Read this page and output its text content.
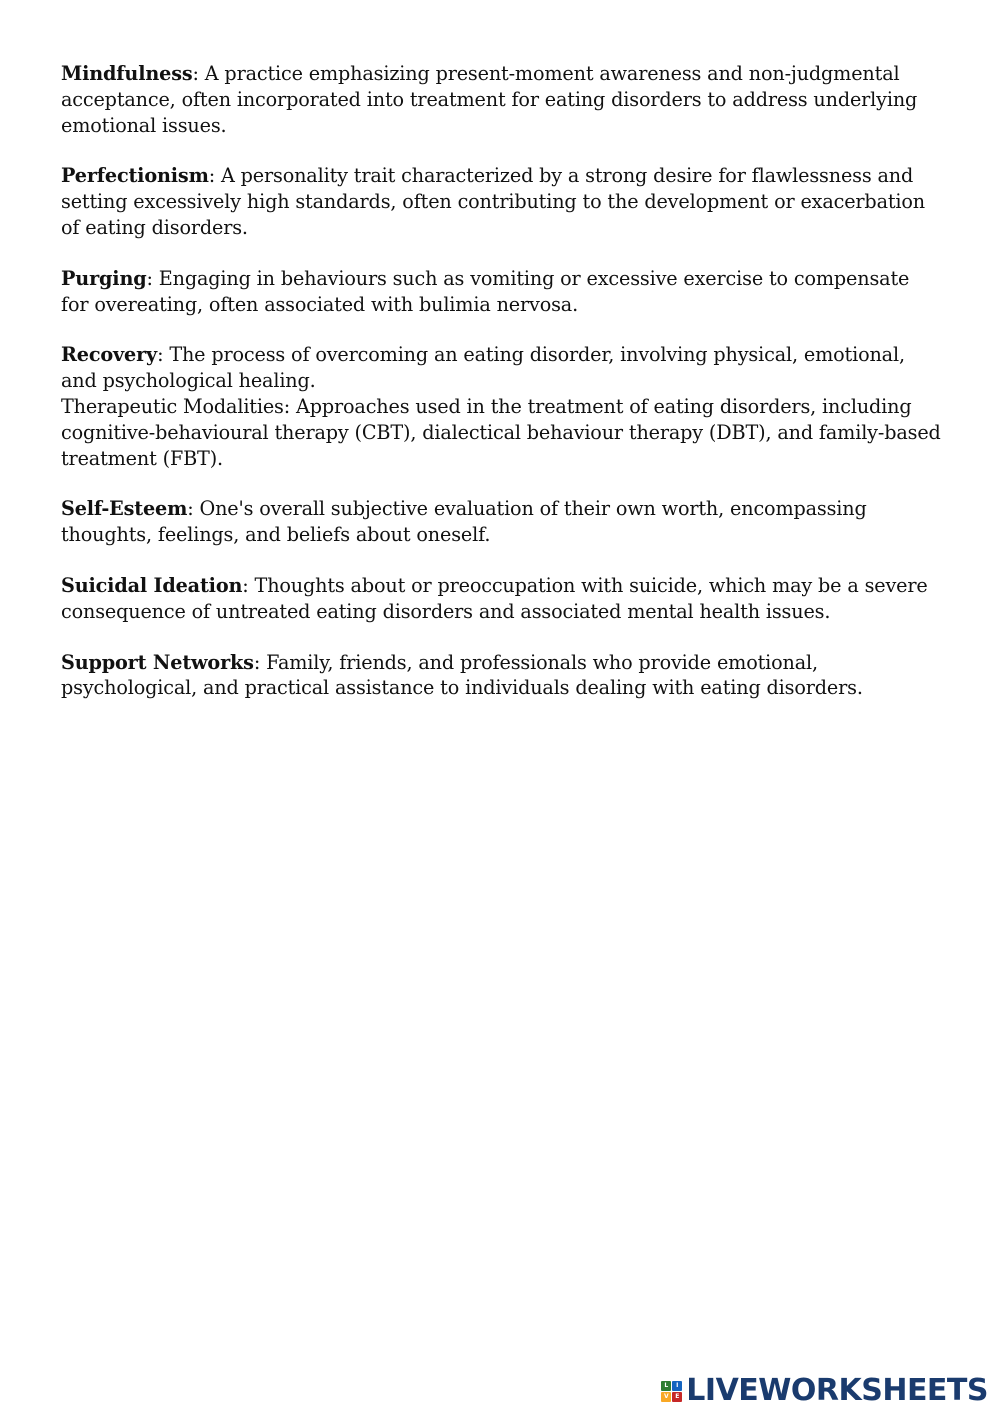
Mindfulness: A practice emphasizing present-moment awareness and non-judgmental acceptance, often incorporated into treatment for eating disorders to address underlying emotional issues.

Perfectionism: A personality trait characterized by a strong desire for flawlessness and setting excessively high standards, often contributing to the development or exacerbation of eating disorders.

Purging: Engaging in behaviours such as vomiting or excessive exercise to compensate for overeating, often associated with bulimia nervosa.

Recovery: The process of overcoming an eating disorder, involving physical, emotional, and psychological healing.

Therapeutic Modalities: Approaches used in the treatment of eating disorders, including cognitive-behavioural therapy (CBT), dialectical behaviour therapy (DBT), and family-based treatment (FBT).

Self-Esteem: One's overall subjective evaluation of their own worth, encompassing thoughts, feelings, and beliefs about oneself.

Suicidal Ideation: Thoughts about or preoccupation with suicide, which may be a severe consequence of untreated eating disorders and associated mental health issues.

Support Networks: Family, friends, and professionals who provide emotional, psychological, and practical assistance to individuals dealing with eating disorders.

L	I
V	E LIVEWORKSHEETS
